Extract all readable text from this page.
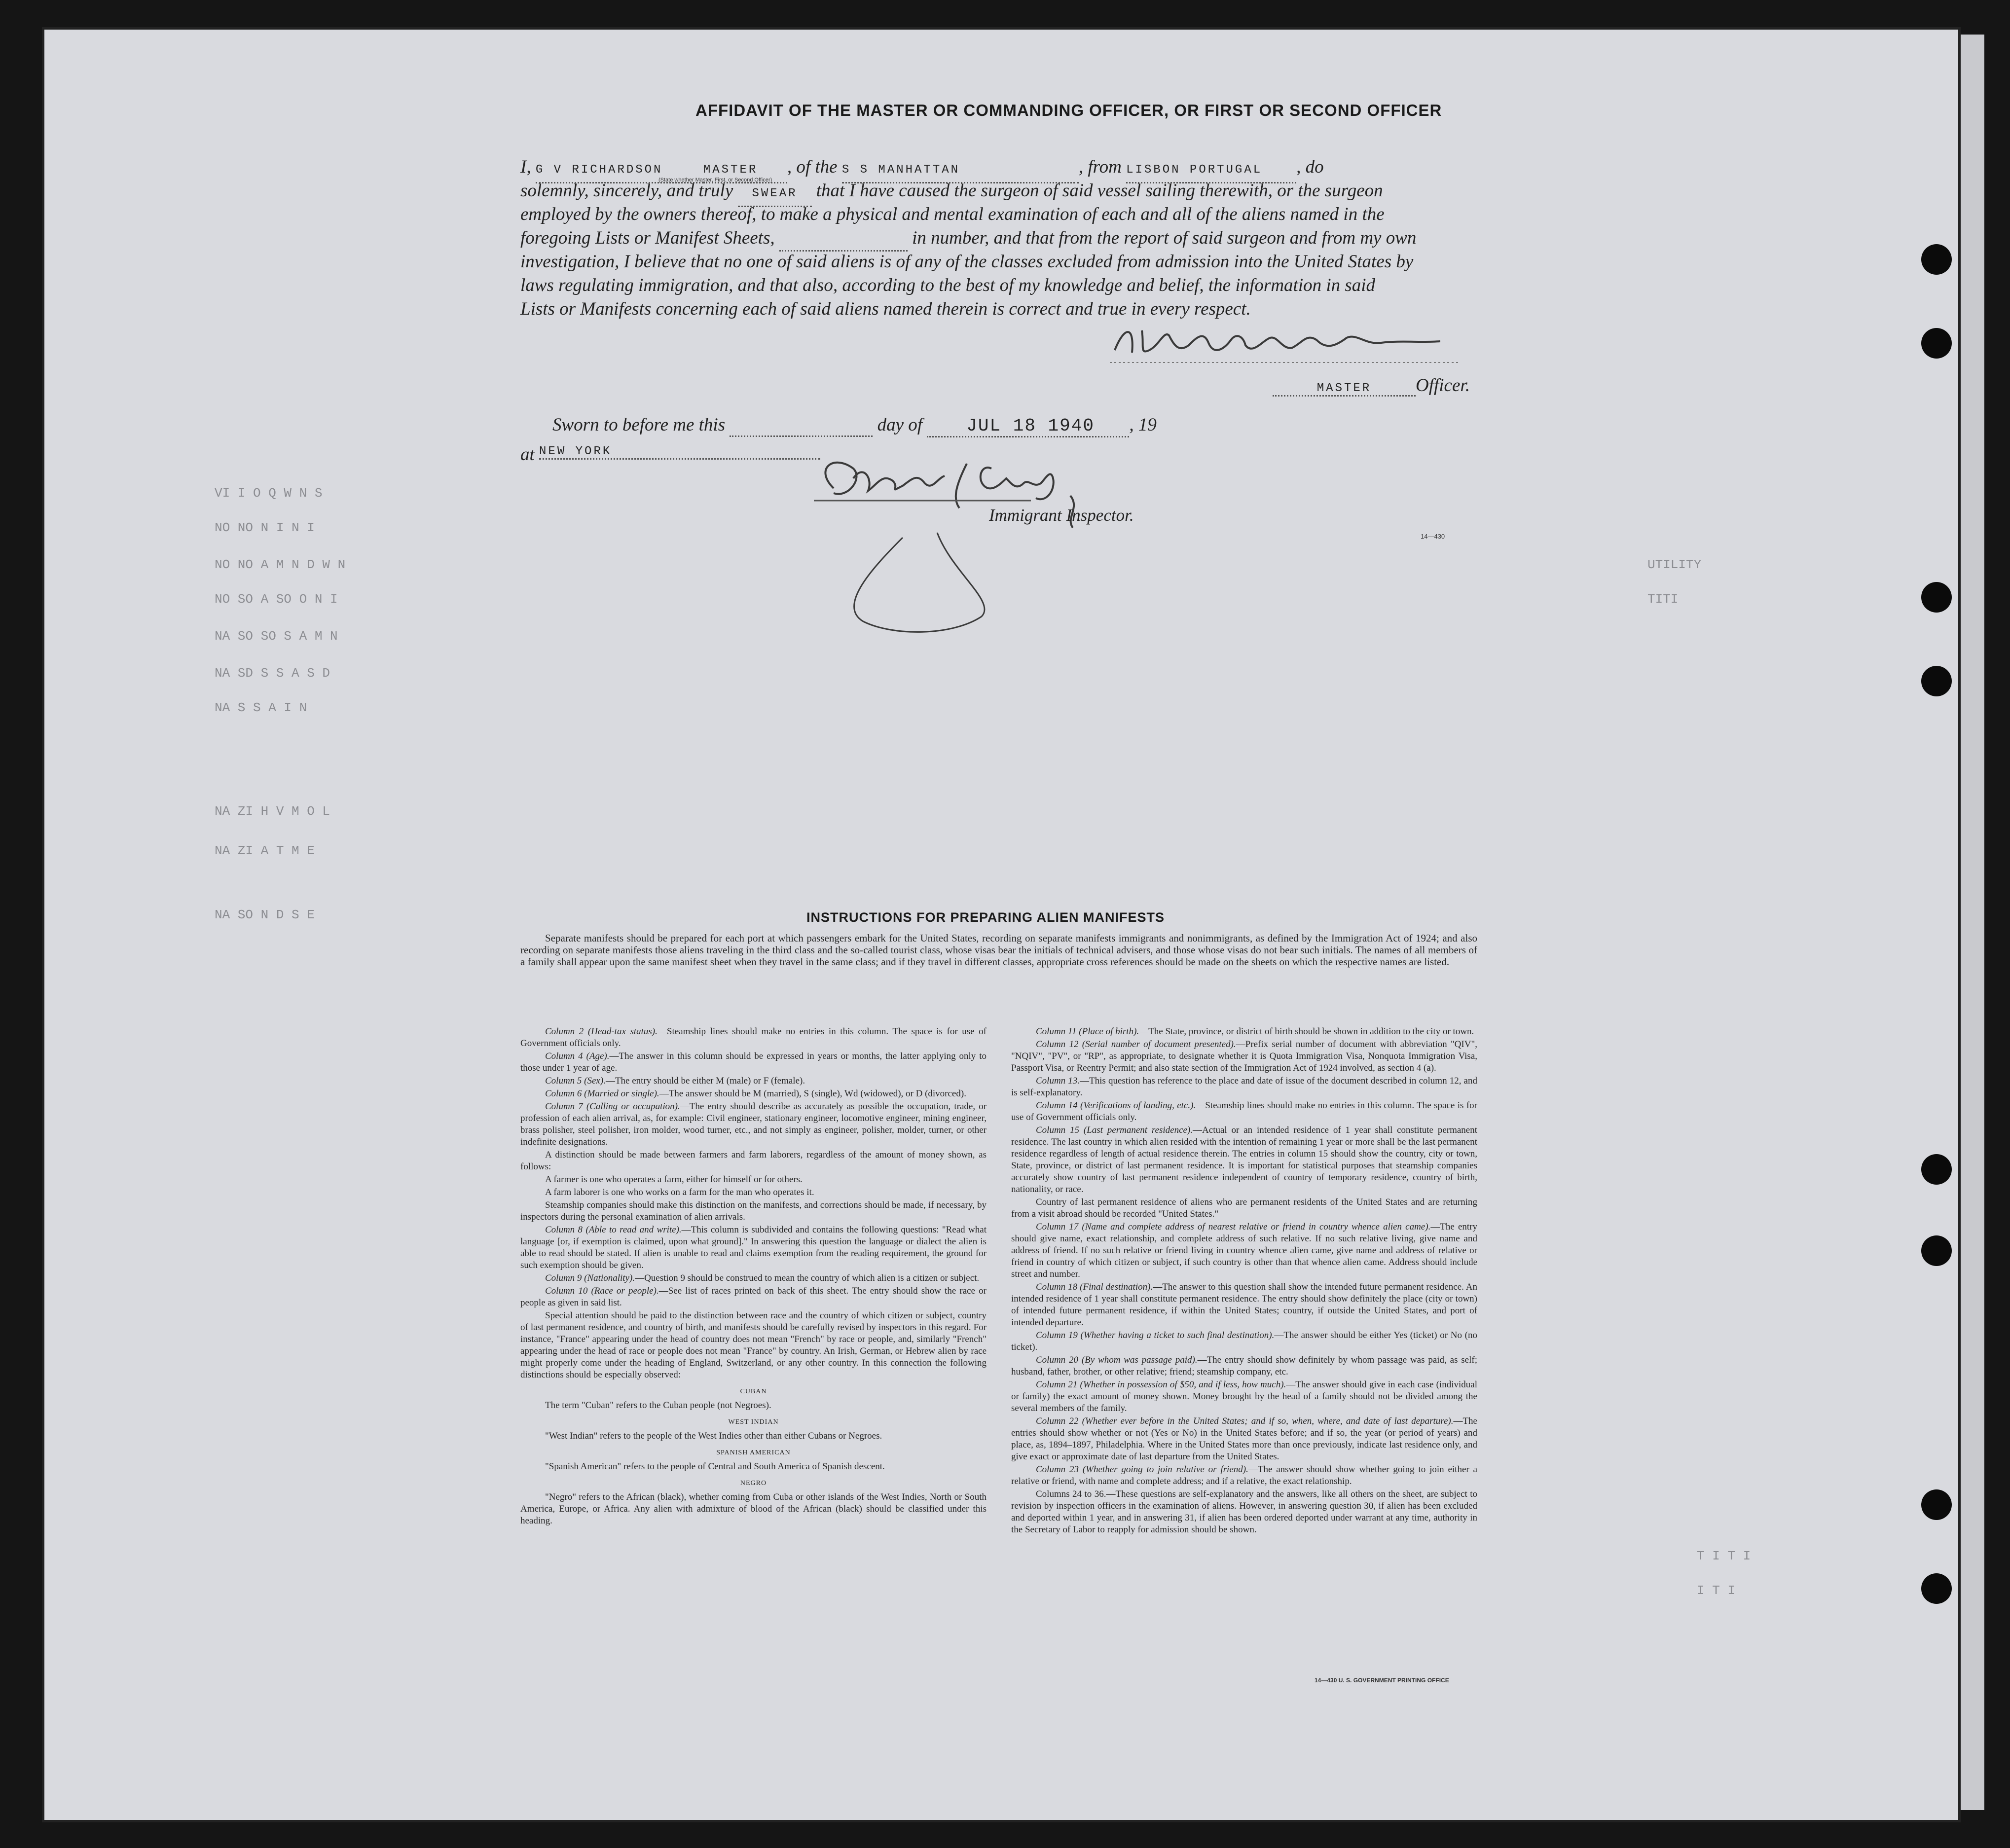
VI I O Q W N S
NO NO N I N I
NO NO A M N D W N
NO SO A SO O N I
NA SO SO S A M N
NA SD S S A S D
NA S S A I N
NA ZI H V M O L
NA ZI A T M E
NA SO N D S E
UTILITY
TITI
T I T I
I T I
AFFIDAVIT OF THE MASTER OR COMMANDING OFFICER, OR FIRST OR SECOND OFFICER
I, G V RICHARDSON	MASTER , of the S S MANHATTAN	, from LISBON PORTUGAL , do
(State whether Master, First, or Second Officer)
solemnly, sincerely, and truly SWEAR that I have caused the surgeon of said vessel sailing therewith, or the surgeon
employed by the owners thereof, to make a physical and mental examination of each and all of the aliens named in the
foregoing Lists or Manifest Sheets,	in number, and that from the report of said surgeon and from my own
investigation, I believe that no one of said aliens is of any of the classes excluded from admission into the United States by
laws regulating immigration, and that also, according to the best of my knowledge and belief, the information in said
Lists or Manifests concerning each of said aliens named therein is correct and true in every respect.
MASTER Officer.
Sworn to before me this	day of JUL 18 1940 , 19
at NEW YORK
Immigrant Inspector.
14—430
INSTRUCTIONS FOR PREPARING ALIEN MANIFESTS

Separate manifests should be prepared for each port at which passengers embark for the United States, recording on separate manifests immigrants and nonimmigrants, as defined by the Immigration Act of 1924; and also recording on separate manifests those aliens traveling in the third class and the so-called tourist class, whose visas bear the initials of technical advisers, and those whose visas do not bear such initials. The names of all members of a family shall appear upon the same manifest sheet when they travel in the same class; and if they travel in different classes, appropriate cross references should be made on the sheets on which the respective names are listed.

Column 2 (Head-tax status).—Steamship lines should make no entries in this column. The space is for use of Government officials only.

Column 4 (Age).—The answer in this column should be expressed in years or months, the latter applying only to those under 1 year of age.

Column 5 (Sex).—The entry should be either M (male) or F (female).

Column 6 (Married or single).—The answer should be M (married), S (single), Wd (widowed), or D (divorced).

Column 7 (Calling or occupation).—The entry should describe as accurately as possible the occupation, trade, or profession of each alien arrival, as, for example: Civil engineer, stationary engineer, locomotive engineer, mining engineer, brass polisher, steel polisher, iron molder, wood turner, etc., and not simply as engineer, polisher, molder, turner, or other indefinite designations.

A distinction should be made between farmers and farm laborers, regardless of the amount of money shown, as follows:

A farmer is one who operates a farm, either for himself or for others.

A farm laborer is one who works on a farm for the man who operates it.

Steamship companies should make this distinction on the manifests, and corrections should be made, if necessary, by inspectors during the personal examination of alien arrivals.

Column 8 (Able to read and write).—This column is subdivided and contains the following questions: "Read what language [or, if exemption is claimed, upon what ground]." In answering this question the language or dialect the alien is able to read should be stated. If alien is unable to read and claims exemption from the reading requirement, the ground for such exemption should be given.

Column 9 (Nationality).—Question 9 should be construed to mean the country of which alien is a citizen or subject.

Column 10 (Race or people).—See list of races printed on back of this sheet. The entry should show the race or people as given in said list.

Special attention should be paid to the distinction between race and the country of which citizen or subject, country of last permanent residence, and country of birth, and manifests should be carefully revised by inspectors in this regard. For instance, "France" appearing under the head of country does not mean "French" by race or people, and, similarly "French" appearing under the head of race or people does not mean "France" by country. An Irish, German, or Hebrew alien by race might properly come under the heading of England, Switzerland, or any other country. In this connection the following distinctions should be especially observed:

CUBAN

The term "Cuban" refers to the Cuban people (not Negroes).

WEST INDIAN

"West Indian" refers to the people of the West Indies other than either Cubans or Negroes.

SPANISH AMERICAN

"Spanish American" refers to the people of Central and South America of Spanish descent.

NEGRO

"Negro" refers to the African (black), whether coming from Cuba or other islands of the West Indies, North or South America, Europe, or Africa. Any alien with admixture of blood of the African (black) should be classified under this heading.

Column 11 (Place of birth).—The State, province, or district of birth should be shown in addition to the city or town.

Column 12 (Serial number of document presented).—Prefix serial number of document with abbreviation "QIV", "NQIV", "PV", or "RP", as appropriate, to designate whether it is Quota Immigration Visa, Nonquota Immigration Visa, Passport Visa, or Reentry Permit; and also state section of the Immigration Act of 1924 involved, as section 4 (a).

Column 13.—This question has reference to the place and date of issue of the document described in column 12, and is self-explanatory.

Column 14 (Verifications of landing, etc.).—Steamship lines should make no entries in this column. The space is for use of Government officials only.

Column 15 (Last permanent residence).—Actual or an intended residence of 1 year shall constitute permanent residence. The last country in which alien resided with the intention of remaining 1 year or more shall be the last permanent residence regardless of length of actual residence therein. The entries in column 15 should show the country, city or town, State, province, or district of last permanent residence. It is important for statistical purposes that steamship companies accurately show country of last permanent residence independent of country of temporary residence, country of birth, nationality, or race.

Country of last permanent residence of aliens who are permanent residents of the United States and are returning from a visit abroad should be recorded "United States."

Column 17 (Name and complete address of nearest relative or friend in country whence alien came).—The entry should give name, exact relationship, and complete address of such relative. If no such relative living, give name and address of friend. If no such relative or friend living in country whence alien came, give name and address of relative or friend in country of which citizen or subject, if such country is other than that whence alien came. Address should include street and number.

Column 18 (Final destination).—The answer to this question shall show the intended future permanent residence. An intended residence of 1 year shall constitute permanent residence. The entry should show definitely the place (city or town) of intended future permanent residence, if within the United States; country, if outside the United States, and port of intended departure.

Column 19 (Whether having a ticket to such final destination).—The answer should be either Yes (ticket) or No (no ticket).

Column 20 (By whom was passage paid).—The entry should show definitely by whom passage was paid, as self; husband, father, brother, or other relative; friend; steamship company, etc.

Column 21 (Whether in possession of $50, and if less, how much).—The answer should give in each case (individual or family) the exact amount of money shown. Money brought by the head of a family should not be divided among the several members of the family.

Column 22 (Whether ever before in the United States; and if so, when, where, and date of last departure).—The entries should show whether or not (Yes or No) in the United States before; and if so, the year (or period of years) and place, as, 1894–1897, Philadelphia. Where in the United States more than once previously, indicate last residence only, and give exact or approximate date of last departure from the United States.

Column 23 (Whether going to join relative or friend).—The answer should show whether going to join either a relative or friend, with name and complete address; and if a relative, the exact relationship.

Columns 24 to 36.—These questions are self-explanatory and the answers, like all others on the sheet, are subject to revision by inspection officers in the examination of aliens. However, in answering question 30, if alien has been excluded and deported within 1 year, and in answering 31, if alien has been ordered deported under warrant at any time, authority in the Secretary of Labor to reapply for admission should be shown.

14—430 U. S. GOVERNMENT PRINTING OFFICE
